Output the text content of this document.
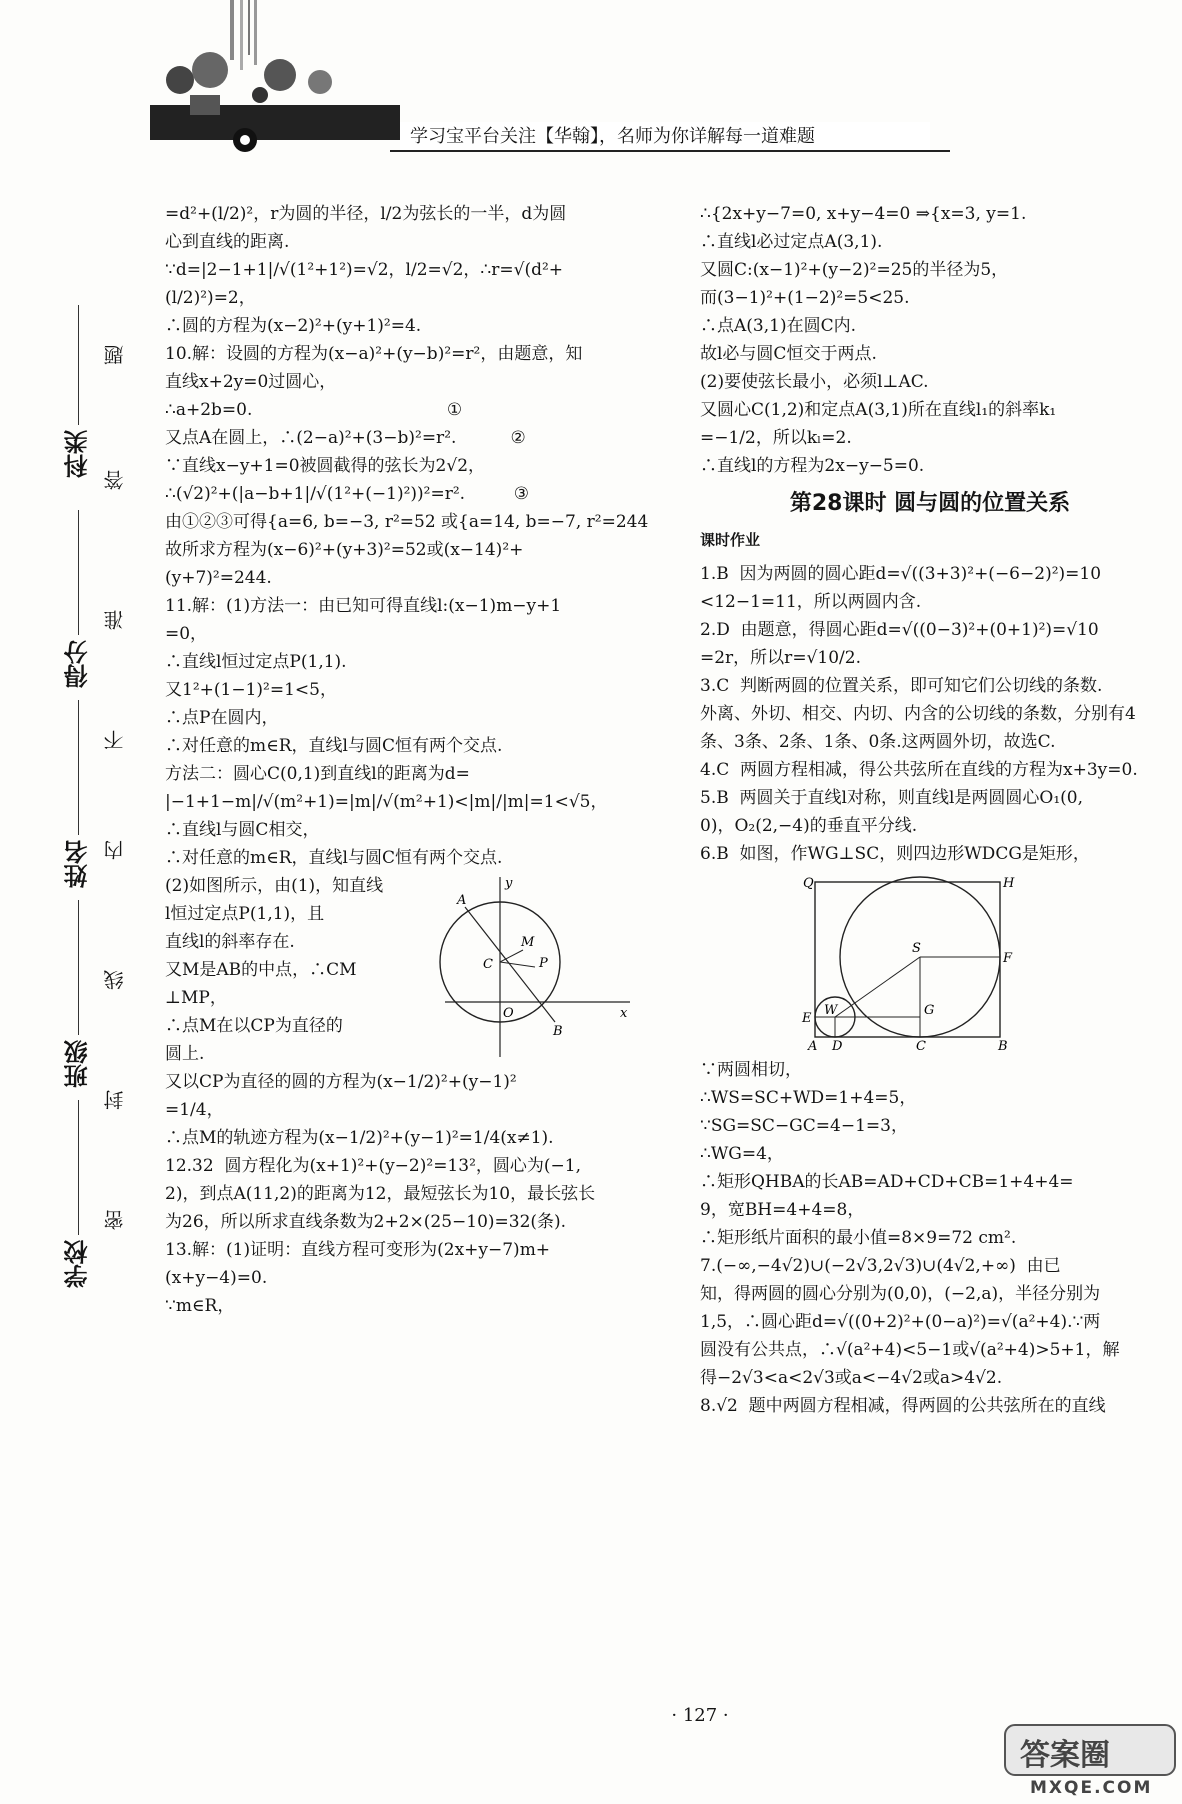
学习宝平台关注【华翰】，名师为你详解每一道难题
科类
得分
姓名
班级
学校
题
答
准
不
内
线
封
密

=d²+(l/2)²，r为圆的半径，l/2为弦长的一半，d为圆

心到直线的距离.

∵d=|2−1+1|/√(1²+1²)=√2，l/2=√2，∴r=√(d²+(l/2)²)=2，

∴圆的方程为(x−2)²+(y+1)²=4.

10.解：设圆的方程为(x−a)²+(y−b)²=r²，由题意，知

直线x+2y=0过圆心，

∴a+2b=0.                                    ①

又点A在圆上，∴(2−a)²+(3−b)²=r².          ②

∵直线x−y+1=0被圆截得的弦长为2√2，

∴(√2)²+(|a−b+1|/√(1²+(−1)²))²=r².         ③

由①②③可得{a=6, b=−3, r²=52 或{a=14, b=−7, r²=244

故所求方程为(x−6)²+(y+3)²=52或(x−14)²+

(y+7)²=244.

11.解：(1)方法一：由已知可得直线l:(x−1)m−y+1

=0，

∴直线l恒过定点P(1,1).

又1²+(1−1)²=1<5，

∴点P在圆内，

∴对任意的m∈R，直线l与圆C恒有两个交点.

方法二：圆心C(0,1)到直线l的距离为d=

|−1+1−m|/√(m²+1)=|m|/√(m²+1)<|m|/|m|=1<√5，

∴直线l与圆C相交，

∴对任意的m∈R，直线l与圆C恒有两个交点.

(2)如图所示，由(1)，知直线

l恒过定点P(1,1)，且

直线l的斜率存在.

又M是AB的中点，∴CM

⊥MP，

∴点M在以CP为直径的

圆上.

y
x
A
M
P
C
O
B

又以CP为直径的圆的方程为(x−1/2)²+(y−1)²

=1/4，

∴点M的轨迹方程为(x−1/2)²+(y−1)²=1/4(x≠1).

12.32  圆方程化为(x+1)²+(y−2)²=13²，圆心为(−1,

2)，到点A(11,2)的距离为12，最短弦长为10，最长弦长

为26，所以所求直线条数为2+2×(25−10)=32(条).

13.解：(1)证明：直线方程可变形为(2x+y−7)m+

(x+y−4)=0.

∵m∈R，

∴{2x+y−7=0, x+y−4=0 ⇒{x=3, y=1.

∴直线l必过定点A(3,1).

又圆C:(x−1)²+(y−2)²=25的半径为5，

而(3−1)²+(1−2)²=5<25.

∴点A(3,1)在圆C内.

故l必与圆C恒交于两点.

(2)要使弦长最小，必须l⊥AC.

又圆心C(1,2)和定点A(3,1)所在直线l₁的斜率k₁

=−1/2，所以kₗ=2.

∴直线l的方程为2x−y−5=0.

第28课时 圆与圆的位置关系
课时作业

1.B  因为两圆的圆心距d=√((3+3)²+(−6−2)²)=10

<12−1=11，所以两圆内含.

2.D  由题意，得圆心距d=√((0−3)²+(0+1)²)=√10

=2r，所以r=√10/2.

3.C  判断两圆的位置关系，即可知它们公切线的条数.

外离、外切、相交、内切、内含的公切线的条数，分别有4

条、3条、2条、1条、0条.这两圆外切，故选C.

4.C  两圆方程相减，得公共弦所在直线的方程为x+3y=0.

5.B  两圆关于直线l对称，则直线l是两圆圆心O₁(0,

0)，O₂(2,−4)的垂直平分线.

6.B  如图，作WG⊥SC，则四边形WDCG是矩形，

Q	H
S
F
W	G
E
A D	C	B

∵两圆相切，

∴WS=SC+WD=1+4=5，

∵SG=SC−GC=4−1=3，

∴WG=4，

∴矩形QHBA的长AB=AD+CD+CB=1+4+4=

9，宽BH=4+4=8，

∴矩形纸片面积的最小值=8×9=72 cm².

7.(−∞,−4√2)∪(−2√3,2√3)∪(4√2,+∞)  由已

知，得两圆的圆心分别为(0,0)，(−2,a)，半径分别为

1,5，∴圆心距d=√((0+2)²+(0−a)²)=√(a²+4).∵两

圆没有公共点，∴√(a²+4)<5−1或√(a²+4)>5+1，解

得−2√3<a<2√3或a<−4√2或a>4√2.

8.√2  题中两圆方程相减，得两圆的公共弦所在的直线

· 127 ·
答案圈
MXQE.COM
